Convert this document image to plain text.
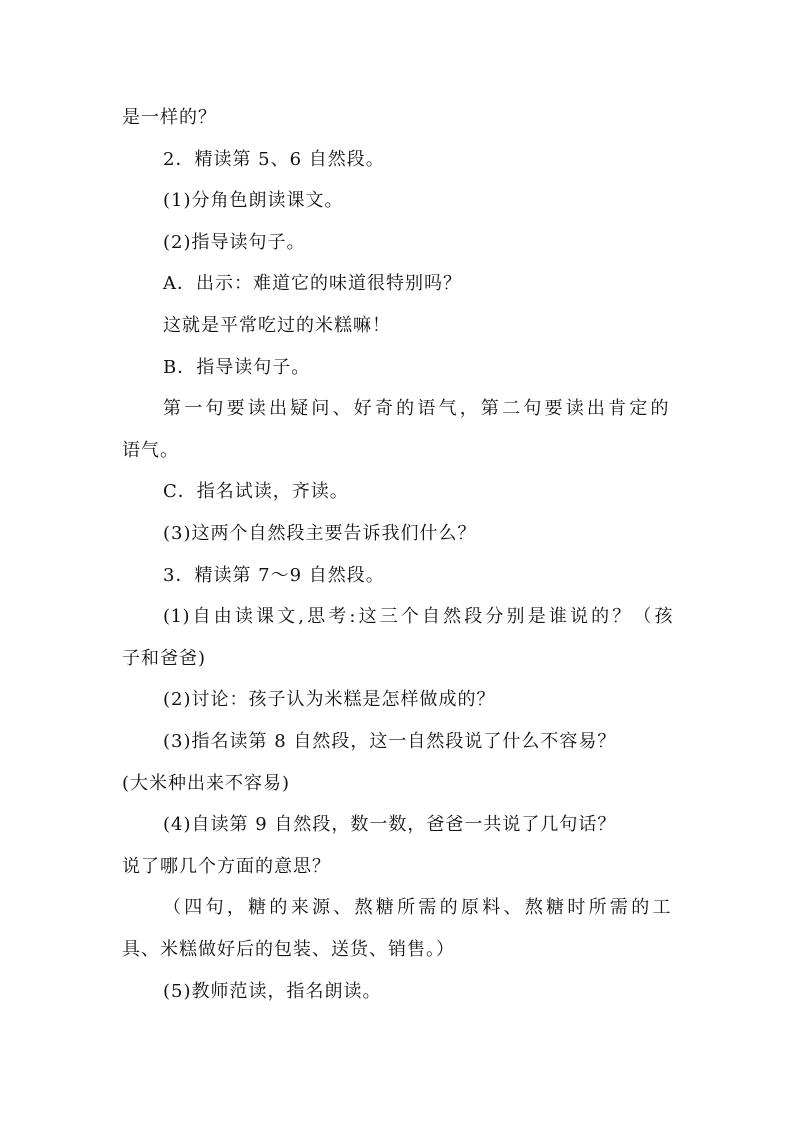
是一样的？
2．精读第 5、6 自然段。
(1)分角色朗读课文。
(2)指导读句子。
A．出示：难道它的味道很特别吗？
这就是平常吃过的米糕嘛！
B．指导读句子。
第一句要读出疑问、好奇的语气，第二句要读出肯定的
语气。
C．指名试读，齐读。
(3)这两个自然段主要告诉我们什么？
3．精读第 7～9 自然段。
(1)自由读课文,思考:这三个自然段分别是谁说的？（孩
子和爸爸)
(2)讨论：孩子认为米糕是怎样做成的？
(3)指名读第 8 自然段，这一自然段说了什么不容易？
(大米种出来不容易)
(4)自读第 9 自然段，数一数，爸爸一共说了几句话？
说了哪几个方面的意思？
（四句，糖的来源、熬糖所需的原料、熬糖时所需的工
具、米糕做好后的包装、送货、销售。）
(5)教师范读，指名朗读。
